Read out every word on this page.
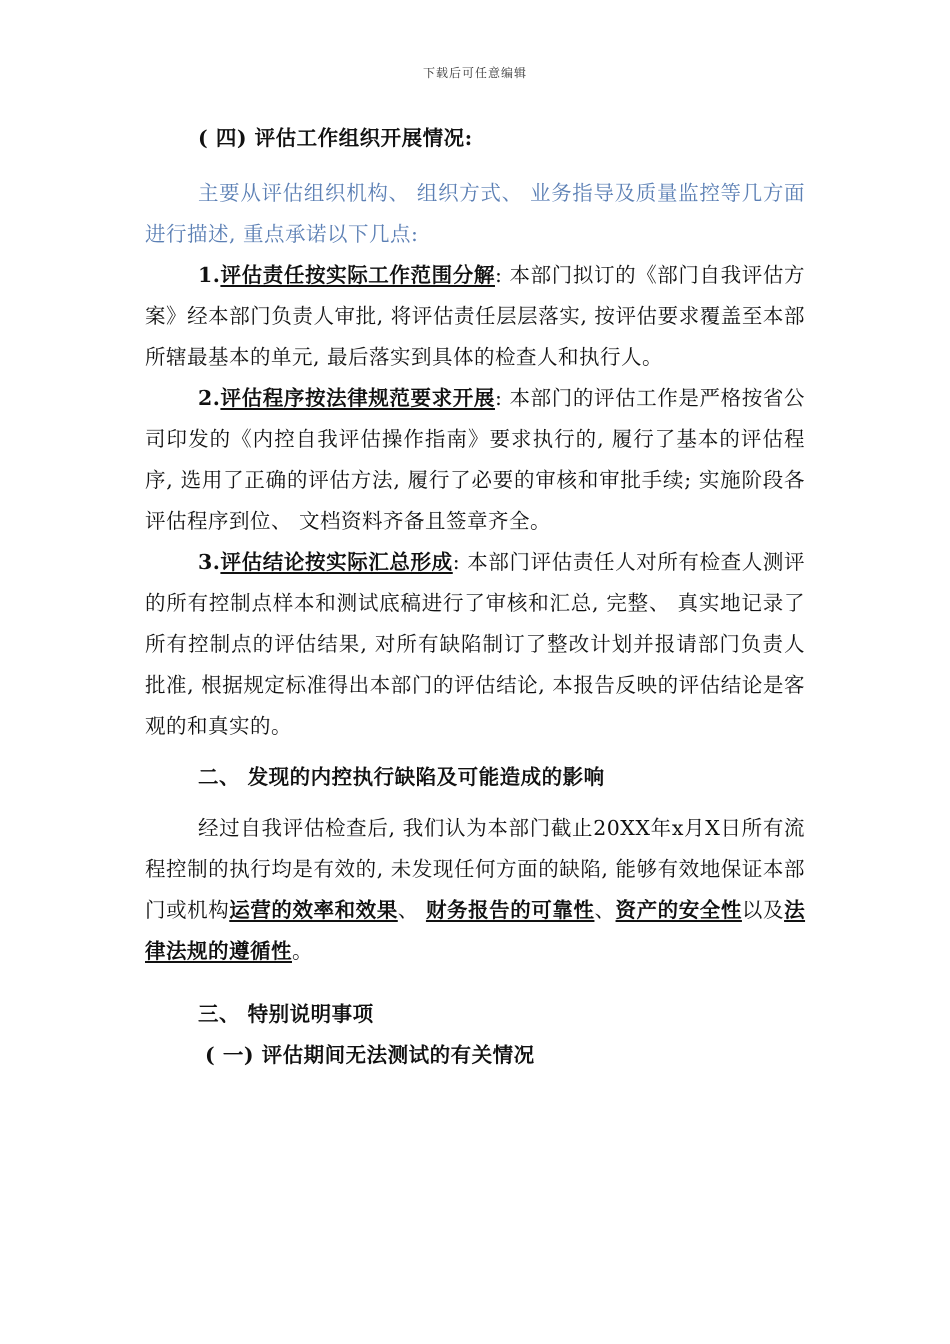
下载后可任意编辑

( 四) 评估工作组织开展情况:

主要从评估组织机构、 组织方式、 业务指导及质量监控等几方面进行描述, 重点承诺以下几点:

1.评估责任按实际工作范围分解: 本部门拟订的《部门自我评估方案》经本部门负责人审批, 将评估责任层层落实, 按评估要求覆盖至本部所辖最基本的单元, 最后落实到具体的检查人和执行人。

2.评估程序按法律规范要求开展: 本部门的评估工作是严格按省公司印发的《内控自我评估操作指南》要求执行的, 履行了基本的评估程序, 选用了正确的评估方法, 履行了必要的审核和审批手续; 实施阶段各评估程序到位、 文档资料齐备且签章齐全。

3.评估结论按实际汇总形成: 本部门评估责任人对所有检查人测评的所有控制点样本和测试底稿进行了审核和汇总, 完整、 真实地记录了所有控制点的评估结果, 对所有缺陷制订了整改计划并报请部门负责人批准, 根据规定标准得出本部门的评估结论, 本报告反映的评估结论是客观的和真实的。

二、 发现的内控执行缺陷及可能造成的影响

经过自我评估检查后, 我们认为本部门截止20XX年x月X日所有流程控制的执行均是有效的, 未发现任何方面的缺陷, 能够有效地保证本部门或机构运营的效率和效果、 财务报告的可靠性、资产的安全性以及法律法规的遵循性。

三、 特别说明事项

( 一) 评估期间无法测试的有关情况
